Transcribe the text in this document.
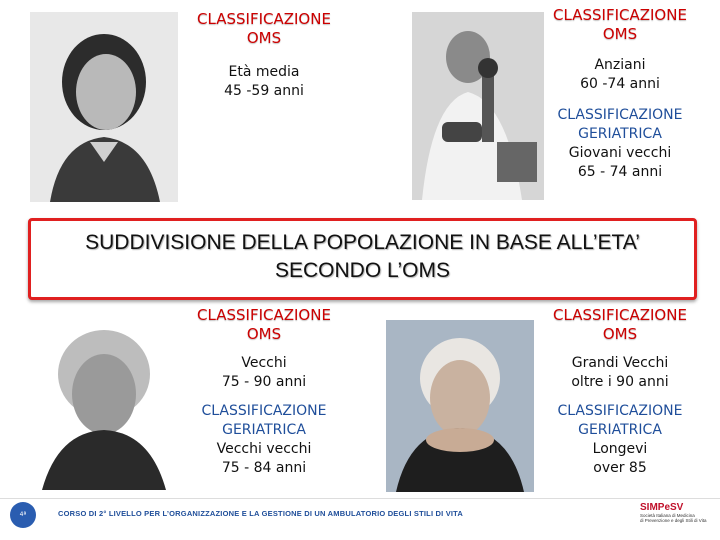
CLASSIFICAZIONE
OMS
Età media
45 -59 anni
CLASSIFICAZIONE
OMS
Anziani
60 -74 anni
CLASSIFICAZIONE
GERIATRICA
Giovani vecchi
65 - 74 anni
SUDDIVISIONE DELLA POPOLAZIONE IN BASE ALL’ETA’
SECONDO L’OMS
CLASSIFICAZIONE
OMS
Vecchi
75 - 90 anni
CLASSIFICAZIONE
GERIATRICA
Vecchi vecchi
75 - 84 anni
CLASSIFICAZIONE
OMS
Grandi Vecchi
oltre i 90 anni
CLASSIFICAZIONE
GERIATRICA
Longevi
over 85
4ª	CORSO DI 2° LIVELLO PER L’ORGANIZZAZIONE E LA GESTIONE DI UN AMBULATORIO DEGLI STILI DI VITA
SIMPeSV
Società Italiana di Medicina
di Prevenzione e degli Stili di Vita
